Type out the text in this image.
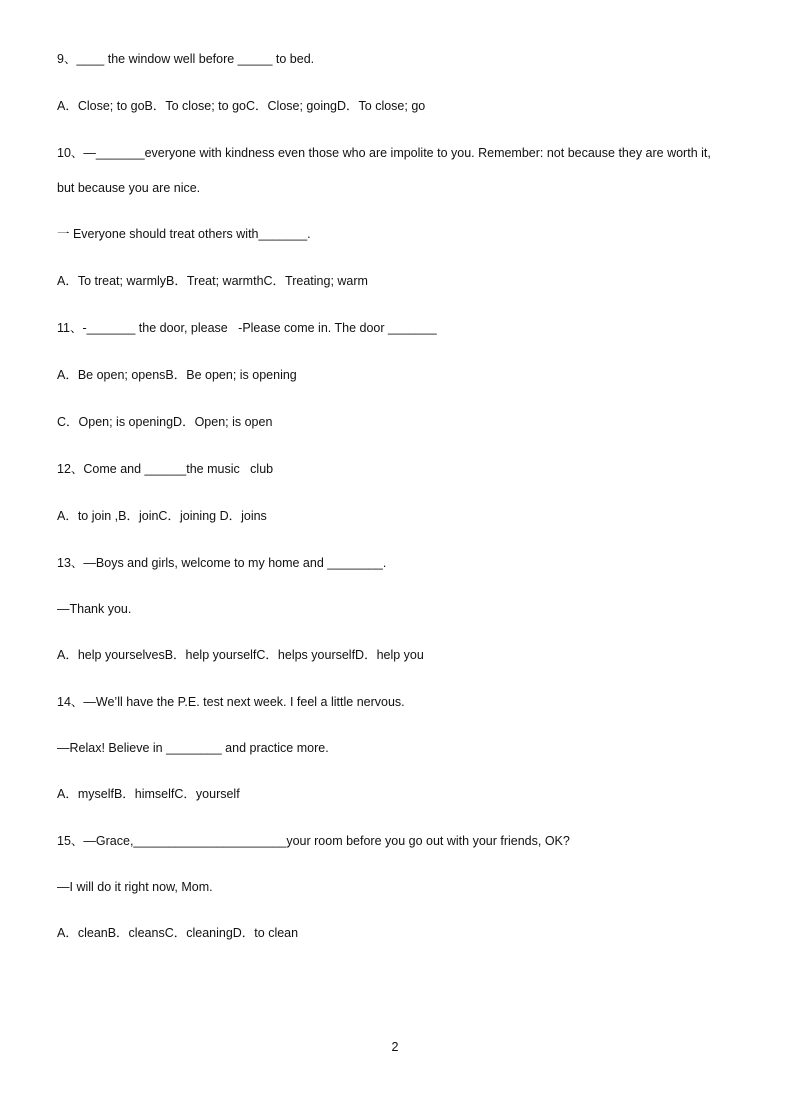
9、____ the window well before _____ to bed.
A．Close; to goB．To close; to goC．Close; goingD．To close; go
10、—_______everyone with kindness even those who are impolite to you. Remember: not because they are worth it,
but because you are nice.
一 Everyone should treat others with_______.
A．To treat; warmlyB．Treat; warmthC．Treating; warm
11、-_______ the door, please   -Please come in. The door _______
A．Be open; opensB．Be open; is opening
C．Open; is openingD．Open; is open
12、Come and ______the music   club
A．to join ,B．joinC．joining D．joins
13、—Boys and girls, welcome to my home and ________.
—Thank you.
A．help yourselvesB．help yourselfC．helps yourselfD．help you
14、—We’ll have the P.E. test next week. I feel a little nervous.
—Relax! Believe in ________ and practice more.
A．myselfB．himselfC．yourself
15、—Grace,______________________your room before you go out with your friends, OK?
—I will do it right now, Mom.
A．cleanB．cleansC．cleaningD．to clean
2
